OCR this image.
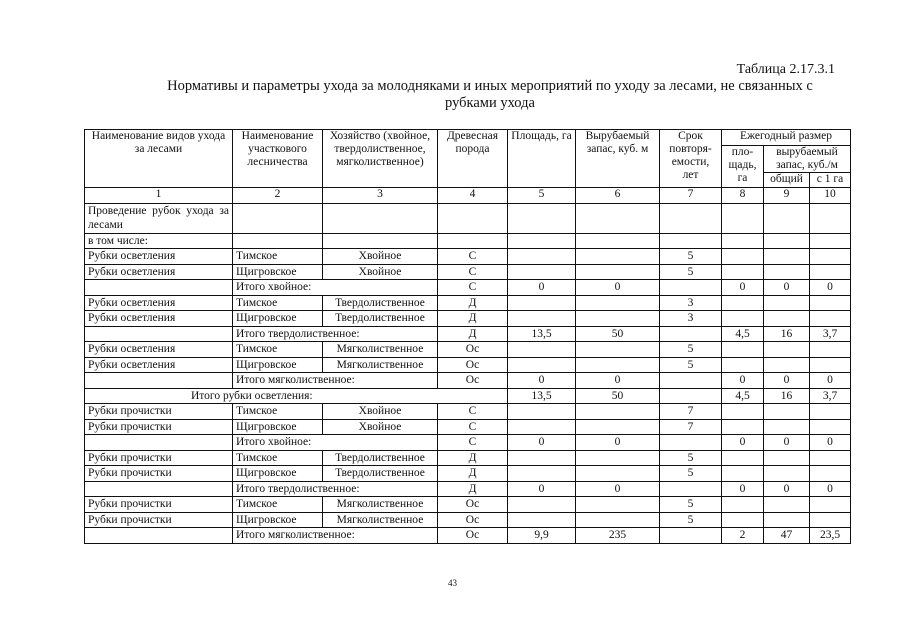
Таблица 2.17.3.1
Нормативы и параметры ухода за молодняками и иных мероприятий по уходу за лесами, не связанных с
рубками ухода
Наименование видов ухода за лесами	Наименование участкового лесничества	Хозяйство (хвойное, твердолиственное, мягколиственное)	Древесная порода	Площадь, га	Вырубаемый запас, куб. м	Срок повторя-емости, лет	Ежегодный размер		
							пло-щадь, га	вырубаемый запас, куб./м	
								общий	с 1 га
1	2	3	4	5	6	7	8	9	10
Проведение рубок ухода за лесами									
в том числе:									
Рубки осветления	Тимское	Хвойное	С			5			
Рубки осветления	Щигровское	Хвойное	С			5			
	Итого хвойное:		С	0	0		0	0	0
Рубки осветления	Тимское	Твердолиственное	Д			3			
Рубки осветления	Щигровское	Твердолиственное	Д			3			
	Итого твердолиственное:		Д	13,5	50		4,5	16	3,7
Рубки осветления	Тимское	Мягколиственное	Ос			5			
Рубки осветления	Щигровское	Мягколиственное	Ос			5			
	Итого мягколиственное:		Ос	0	0		0	0	0
Итого рубки осветления:				13,5	50		4,5	16	3,7
Рубки прочистки	Тимское	Хвойное	С			7			
Рубки прочистки	Щигровское	Хвойное	С			7			
	Итого хвойное:		С	0	0		0	0	0
Рубки прочистки	Тимское	Твердолиственное	Д			5			
Рубки прочистки	Щигровское	Твердолиственное	Д			5			
	Итого твердолиственное:		Д	0	0		0	0	0
Рубки прочистки	Тимское	Мягколиственное	Ос			5			
Рубки прочистки	Щигровское	Мягколиственное	Ос			5			
	Итого мягколиственное:		Ос	9,9	235		2	47	23,5
43
